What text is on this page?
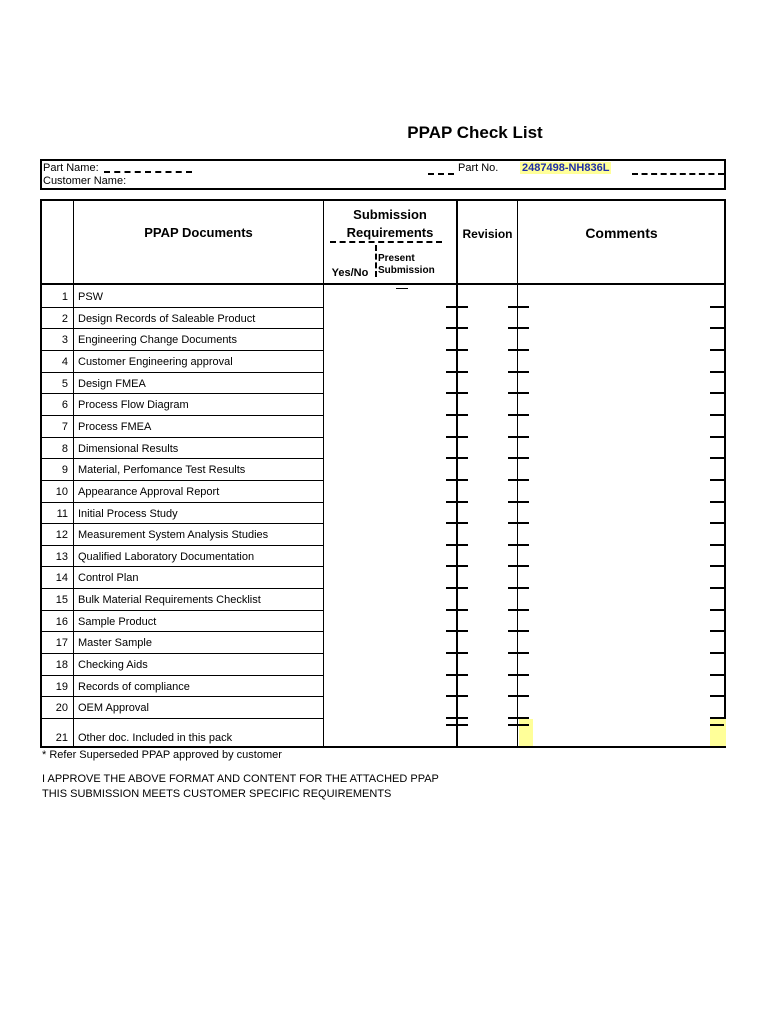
PPAP Check List
Part Name:
Customer Name:
Part No. 2487498-NH836L
PPAP Documents
Submission
Requirements
Yes/No
Present
Submission
Revision	Comments
1 PSW
2 Design Records of Saleable Product
3 Engineering Change Documents
4 Customer Engineering approval
5 Design FMEA
6 Process Flow Diagram
7 Process FMEA
8 Dimensional Results
9 Material, Perfomance Test Results
10 Appearance Approval Report
11 Initial Process Study
12 Measurement System Analysis Studies
13 Qualified Laboratory Documentation
14 Control Plan
15 Bulk Material Requirements Checklist
16 Sample Product
17 Master Sample
18 Checking Aids
19 Records of compliance
20 OEM Approval
21 Other doc. Included in this pack
* Refer Superseded PPAP approved by customer
I APPROVE THE ABOVE FORMAT AND CONTENT FOR THE ATTACHED PPAP
THIS SUBMISSION MEETS CUSTOMER SPECIFIC REQUIREMENTS
